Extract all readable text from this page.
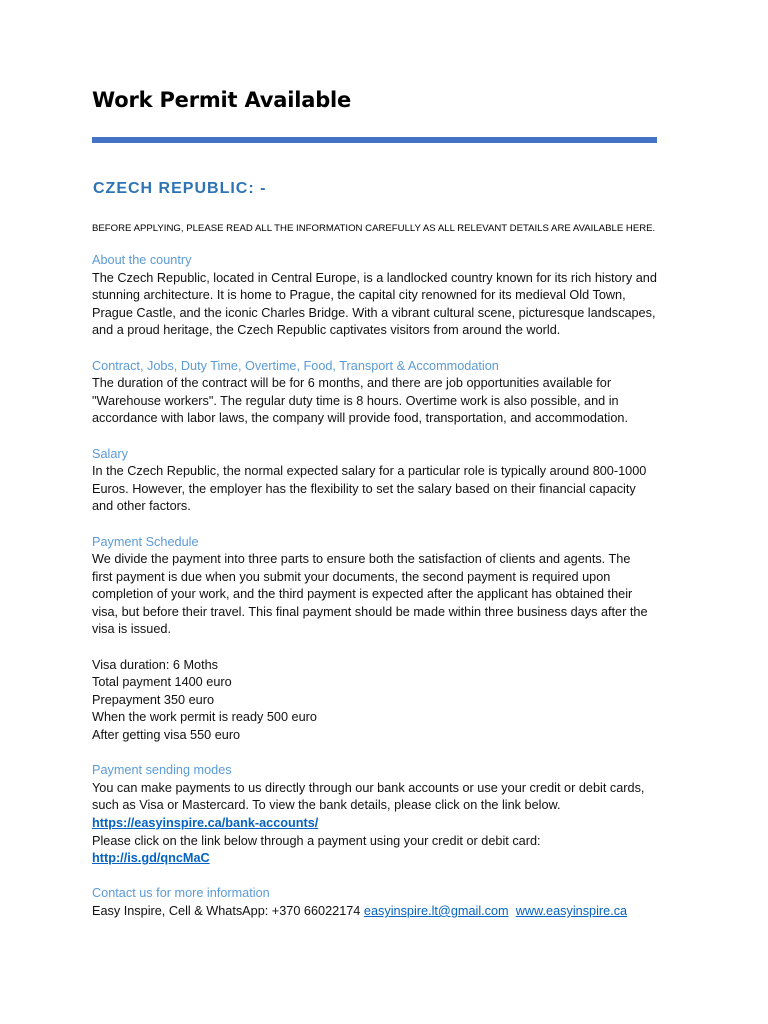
Work Permit Available
CZECH REPUBLIC: -
BEFORE APPLYING, PLEASE READ ALL THE INFORMATION CAREFULLY AS ALL RELEVANT DETAILS ARE AVAILABLE HERE.
About the country
The Czech Republic, located in Central Europe, is a landlocked country known for its rich history and
stunning architecture. It is home to Prague, the capital city renowned for its medieval Old Town,
Prague Castle, and the iconic Charles Bridge. With a vibrant cultural scene, picturesque landscapes,
and a proud heritage, the Czech Republic captivates visitors from around the world.
Contract, Jobs, Duty Time, Overtime, Food, Transport & Accommodation
The duration of the contract will be for 6 months, and there are job opportunities available for
"Warehouse workers". The regular duty time is 8 hours. Overtime work is also possible, and in
accordance with labor laws, the company will provide food, transportation, and accommodation.
Salary
In the Czech Republic, the normal expected salary for a particular role is typically around 800-1000
Euros. However, the employer has the flexibility to set the salary based on their financial capacity
and other factors.
Payment Schedule
We divide the payment into three parts to ensure both the satisfaction of clients and agents. The
first payment is due when you submit your documents, the second payment is required upon
completion of your work, and the third payment is expected after the applicant has obtained their
visa, but before their travel. This final payment should be made within three business days after the
visa is issued.
Visa duration: 6 Moths
Total payment 1400 euro
Prepayment 350 euro
When the work permit is ready 500 euro
After getting visa 550 euro
Payment sending modes
You can make payments to us directly through our bank accounts or use your credit or debit cards,
such as Visa or Mastercard. To view the bank details, please click on the link below.
https://easyinspire.ca/bank-accounts/
Please click on the link below through a payment using your credit or debit card:
http://is.gd/qncMaC
Contact us for more information
Easy Inspire, Cell & WhatsApp: +370 66022174 easyinspire.lt@gmail.com www.easyinspire.ca
